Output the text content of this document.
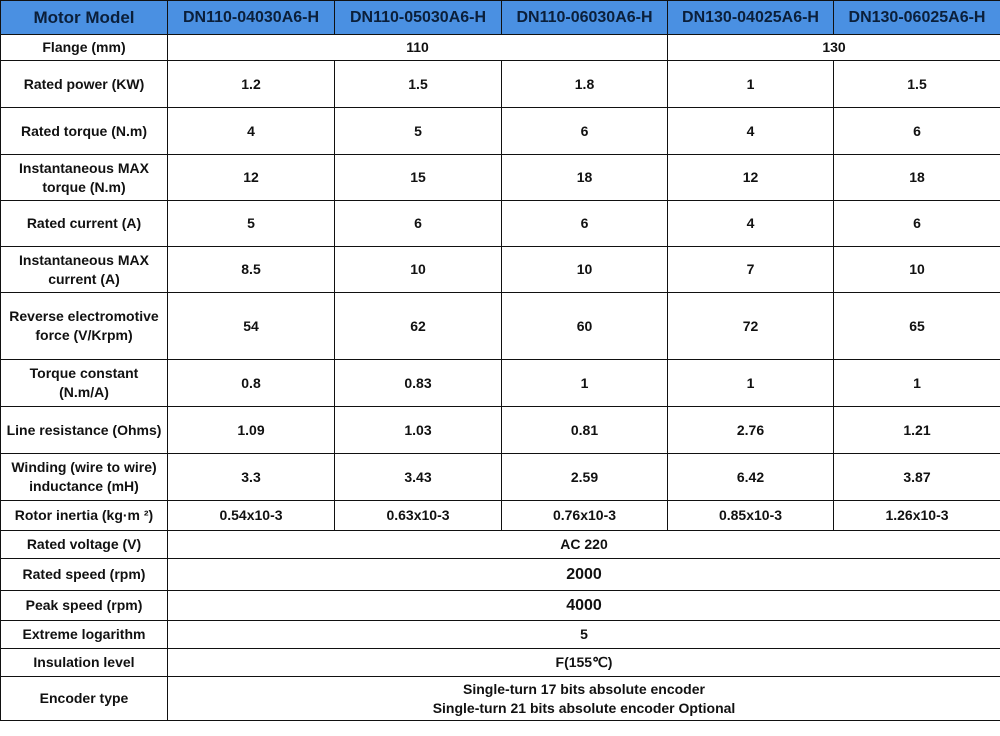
Motor Model	DN110-04030A6-H	DN110-05030A6-H	DN110-06030A6-H	DN130-04025A6-H	DN130-06025A6-H
Flange (mm)	110			130	
Rated power (KW)	1.2	1.5	1.8	1	1.5
Rated torque (N.m)	4	5	6	4	6
Instantaneous MAX torque (N.m)	12	15	18	12	18
Rated current (A)	5	6	6	4	6
Instantaneous MAX current (A)	8.5	10	10	7	10
Reverse electromotive force (V/Krpm)	54	62	60	72	65
Torque constant (N.m/A)	0.8	0.83	1	1	1
Line resistance (Ohms)	1.09	1.03	0.81	2.76	1.21
Winding (wire to wire) inductance (mH)	3.3	3.43	2.59	6.42	3.87
Rotor inertia (kg·m ²)	0.54x10-3	0.63x10-3	0.76x10-3	0.85x10-3	1.26x10-3
Rated voltage (V)	AC 220				
Rated speed (rpm)	2000				
Peak speed (rpm)	4000				
Extreme logarithm	5				
Insulation level	F(155℃)				
Encoder type	Single-turn 17 bits absolute encoder
Single-turn 21 bits absolute encoder Optional				
